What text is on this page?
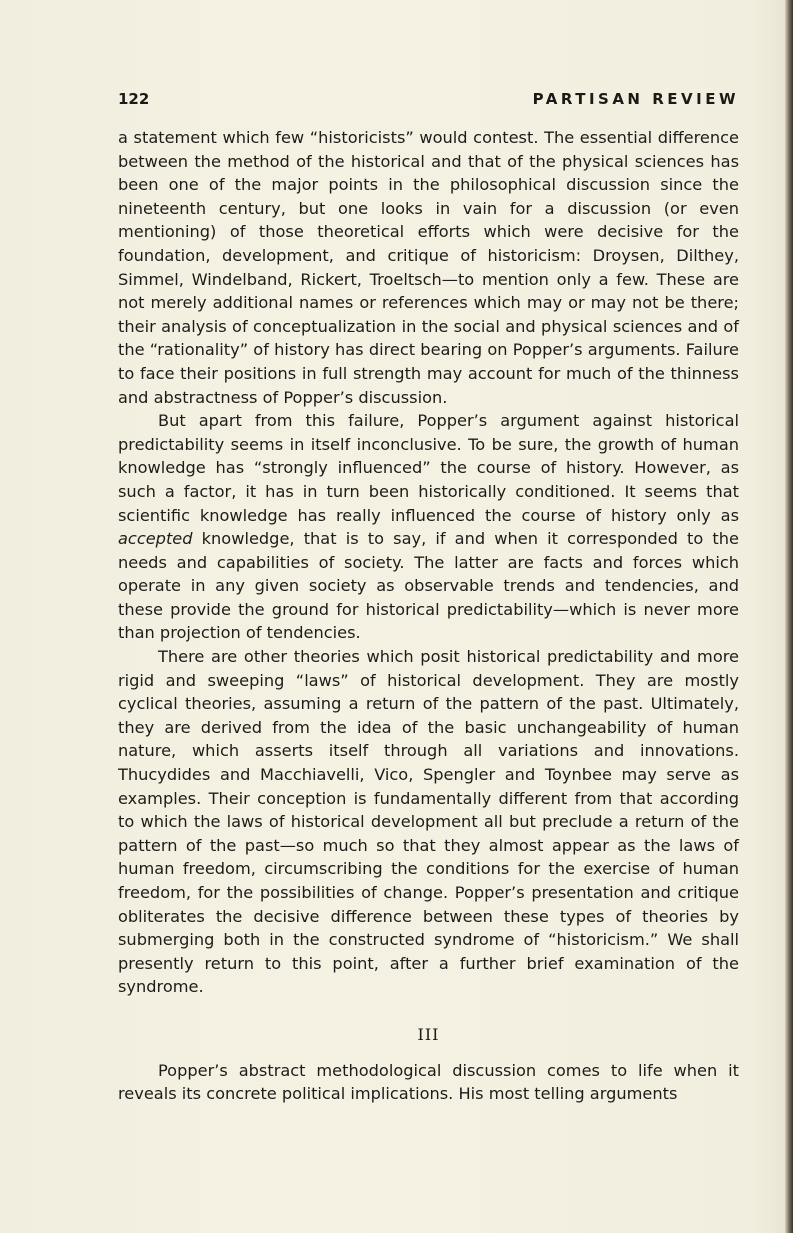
122	PARTISAN REVIEW

a statement which few “historicists” would contest. The essential difference between the method of the historical and that of the physical sciences has been one of the major points in the philosophical discussion since the nineteenth century, but one looks in vain for a discussion (or even mentioning) of those theoretical efforts which were decisive for the foundation, development, and critique of historicism: Droysen, Dilthey, Simmel, Windelband, Rickert, Troeltsch—to mention only a few. These are not merely additional names or references which may or may not be there; their analysis of conceptualization in the social and physical sciences and of the “rationality” of history has direct bearing on Popper’s arguments. Failure to face their positions in full strength may account for much of the thinness and abstractness of Popper’s discussion.

But apart from this failure, Popper’s argument against historical predictability seems in itself inconclusive. To be sure, the growth of human knowledge has “strongly influenced” the course of history. However, as such a factor, it has in turn been historically conditioned. It seems that scientific knowledge has really influenced the course of history only as accepted knowledge, that is to say, if and when it corresponded to the needs and capabilities of society. The latter are facts and forces which operate in any given society as observable trends and tendencies, and these provide the ground for historical predictability—which is never more than projection of tendencies.

There are other theories which posit historical predictability and more rigid and sweeping “laws” of historical development. They are mostly cyclical theories, assuming a return of the pattern of the past. Ultimately, they are derived from the idea of the basic unchangeability of human nature, which asserts itself through all variations and innovations. Thucydides and Macchiavelli, Vico, Spengler and Toynbee may serve as examples. Their conception is fundamentally different from that according to which the laws of historical development all but preclude a return of the pattern of the past—so much so that they almost appear as the laws of human freedom, circumscribing the conditions for the exercise of human freedom, for the possibilities of change. Popper’s presentation and critique obliterates the decisive difference between these types of theories by submerging both in the constructed syndrome of “historicism.” We shall presently return to this point, after a further brief examination of the syndrome.

III

Popper’s abstract methodological discussion comes to life when it reveals its concrete political implications. His most telling arguments
